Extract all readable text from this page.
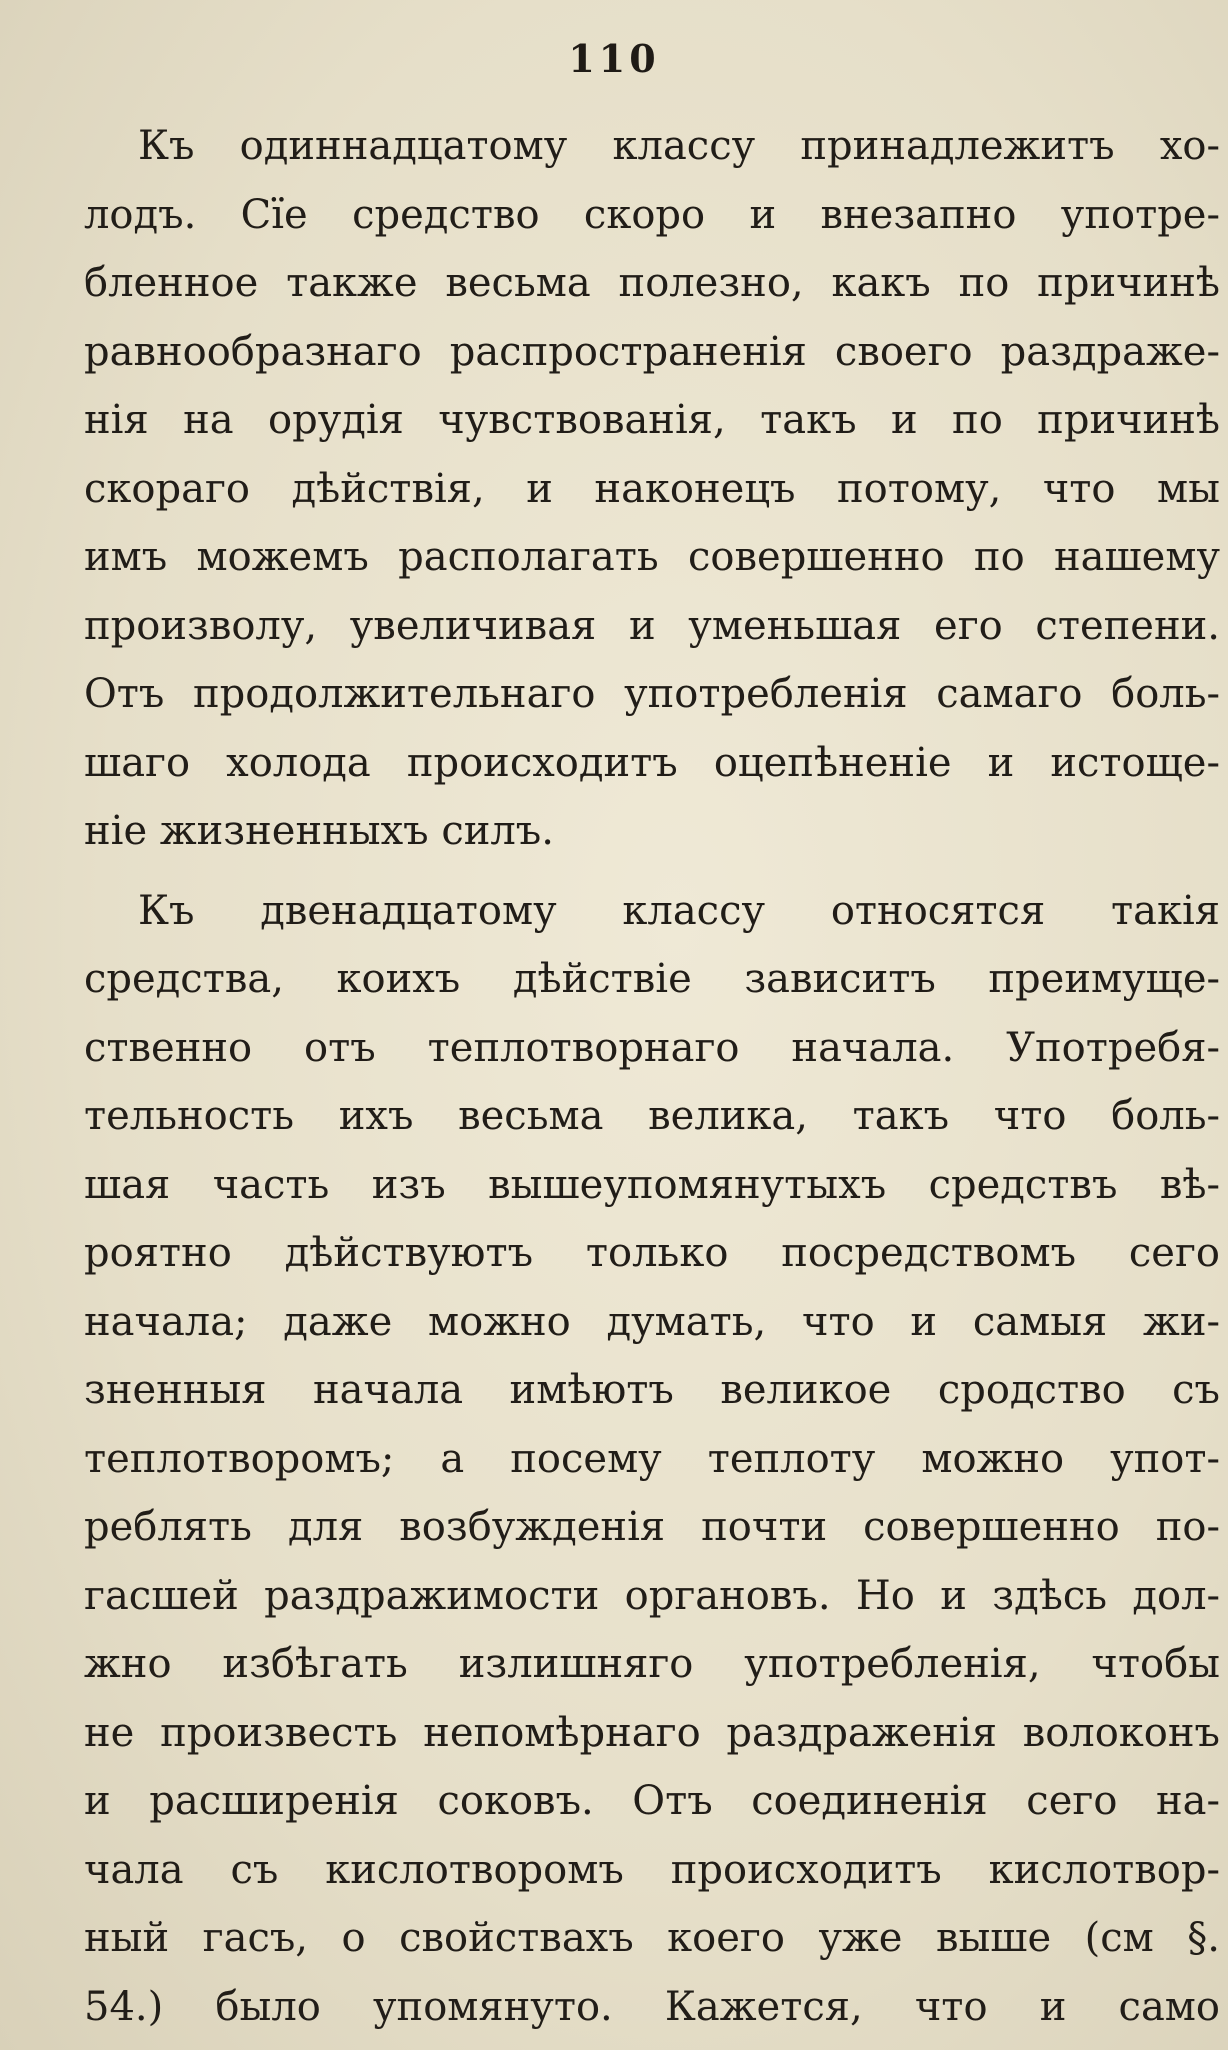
110
Къ одиннадцатому классу принадлежитъ хо-
лодъ. Сїе средство скоро и внезапно употре-
бленное также весьма полезно, какъ по причинѣ
равнообразнаго распространенія своего раздраже-
нія на орудія чувствованія, такъ и по причинѣ
скораго дѣйствія, и наконецъ потому, что мы
имъ можемъ располагать совершенно по нашему
произволу, увеличивая и уменьшая его степени.
Отъ продолжительнаго употребленія самаго боль-
шаго холода происходитъ оцепѣненіе и истоще-
ніе жизненныхъ силъ.
Къ двенадцатому классу относятся такія
средства, коихъ дѣйствіе зависитъ преимуще-
ственно отъ теплотворнаго начала. Употребя-
тельность ихъ весьма велика, такъ что боль-
шая часть изъ вышеупомянутыхъ средствъ вѣ-
роятно дѣйствуютъ только посредствомъ сего
начала; даже можно думать, что и самыя жи-
зненныя начала имѣютъ великое сродство съ
теплотворомъ; а посему теплоту можно упот-
реблять для возбужденія почти совершенно по-
гасшей раздражимости органовъ. Но и здѣсь дол-
жно избѣгать излишняго употребленія, чтобы
не произвесть непомѣрнаго раздраженія волоконъ
и расширенія соковъ. Отъ соединенія сего на-
чала съ кислотворомъ происходитъ кислотвор-
ный гасъ, о свойствахъ коего уже выше (см §.
54.) было упомянуто. Кажется, что и само
